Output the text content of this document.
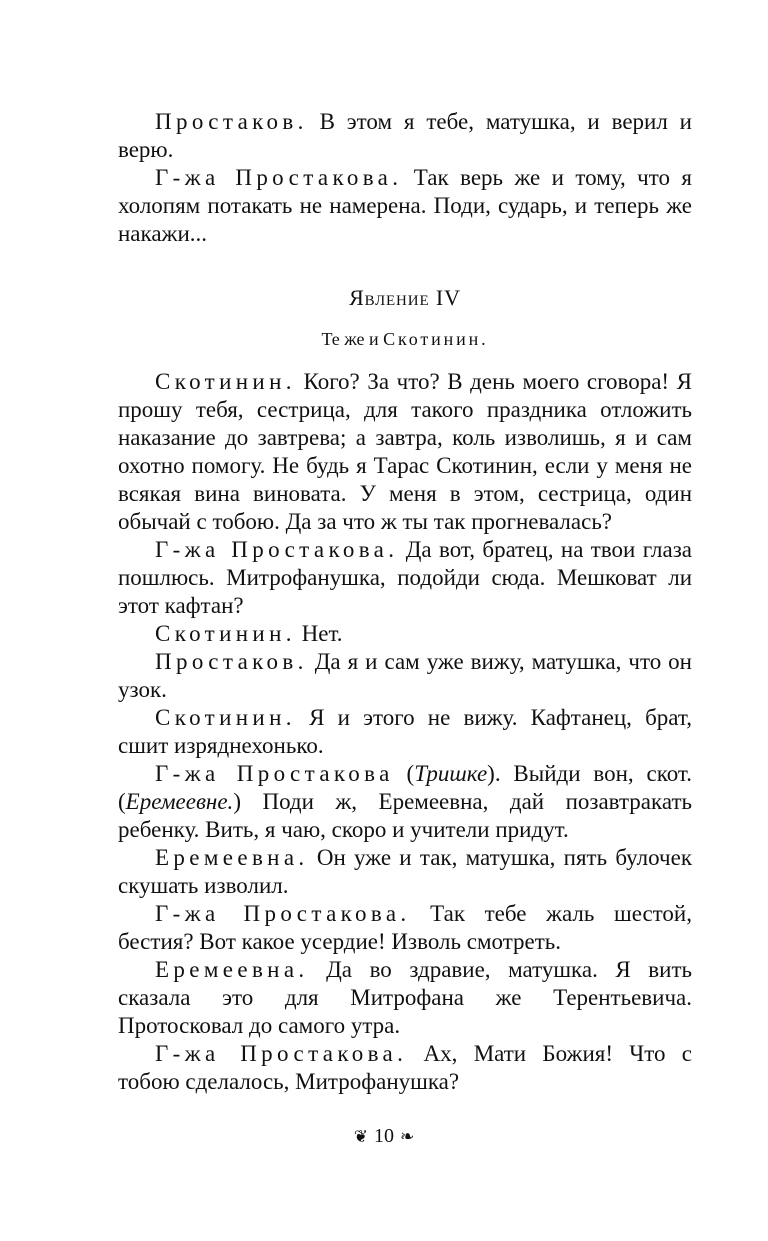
Простаков. В этом я тебе, матушка, и верил и верю.

Г-жа Простакова. Так верь же и тому, что я холопям потакать не намерена. Поди, сударь, и теперь же накажи...

Явление IV
Те же и Скотинин.

Скотинин. Кого? За что? В день моего сговора! Я прошу тебя, сестрица, для такого праздника отложить наказание до завтрева; а завтра, коль изволишь, я и сам охотно помогу. Не будь я Тарас Скотинин, если у меня не всякая вина виновата. У меня в этом, сестрица, один обычай с тобою. Да за что ж ты так прогневалась?

Г-жа Простакова. Да вот, братец, на твои глаза пошлюсь. Митрофанушка, подойди сюда. Мешковат ли этот кафтан?

Скотинин. Нет.

Простаков. Да я и сам уже вижу, матушка, что он узок.

Скотинин. Я и этого не вижу. Кафтанец, брат, сшит изряднехонько.

Г-жа Простакова (Тришке). Выйди вон, скот. (Еремеевне.) Поди ж, Еремеевна, дай позавтракать ребенку. Вить, я чаю, скоро и учители придут.

Еремеевна. Он уже и так, матушка, пять булочек скушать изволил.

Г-жа Простакова. Так тебе жаль шестой, бестия? Вот какое усердие! Изволь смотреть.

Еремеевна. Да во здравие, матушка. Я вить сказала это для Митрофана же Терентьевича. Протосковал до самого утра.

Г-жа Простакова. Ах, Мати Божия! Что с тобою сделалось, Митрофанушка?

❦ 10 ❧
